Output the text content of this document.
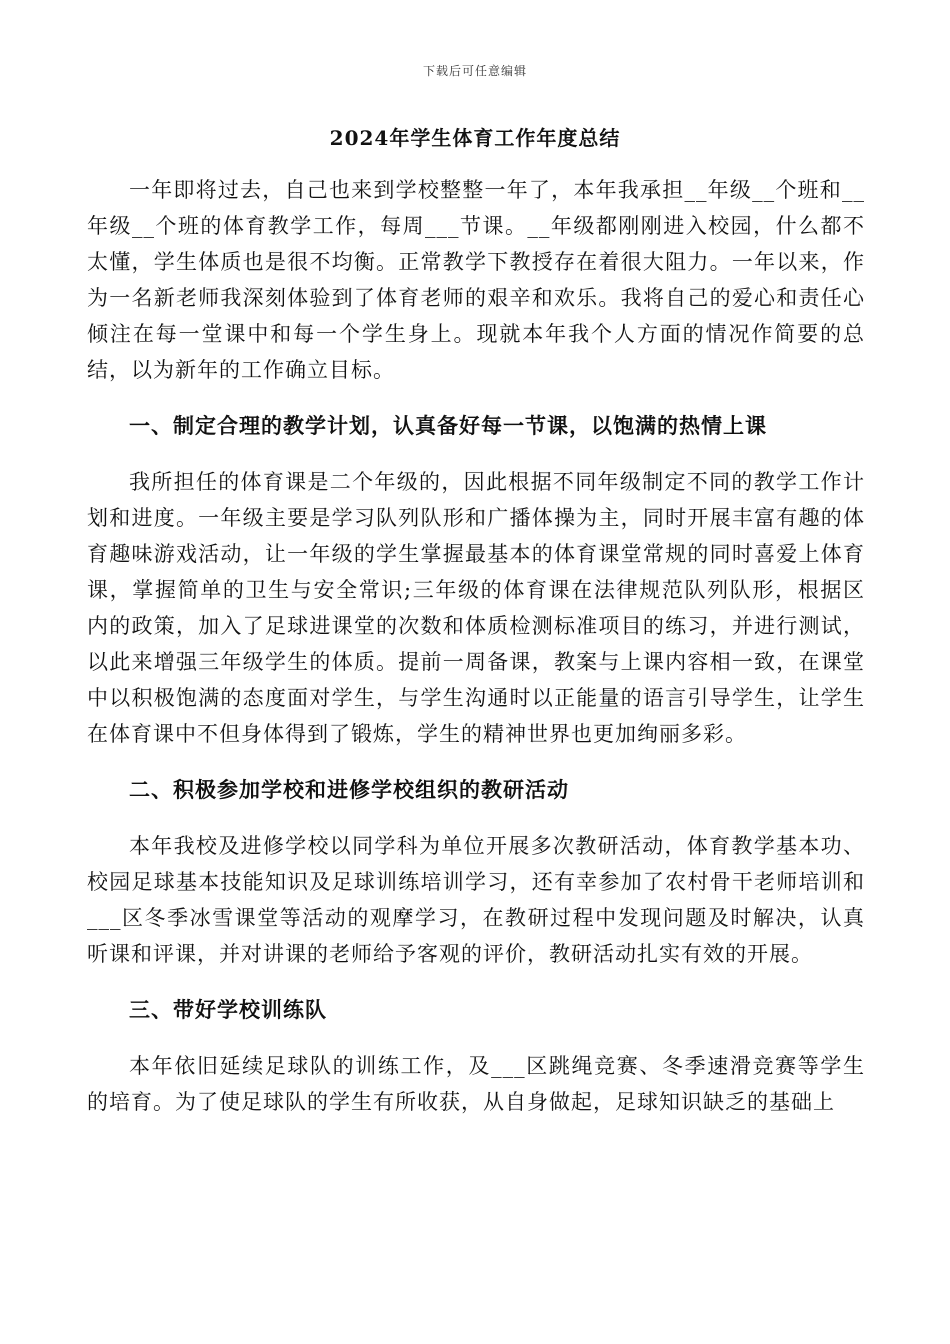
下载后可任意编辑
2024年学生体育工作年度总结

一年即将过去，自己也来到学校整整一年了，本年我承担__年级__个班和__年级__个班的体育教学工作，每周___节课。__年级都刚刚进入校园，什么都不太懂，学生体质也是很不均衡。正常教学下教授存在着很大阻力。一年以来，作为一名新老师我深刻体验到了体育老师的艰辛和欢乐。我将自己的爱心和责任心倾注在每一堂课中和每一个学生身上。现就本年我个人方面的情况作简要的总结，以为新年的工作确立目标。

一、制定合理的教学计划，认真备好每一节课，以饱满的热情上课

我所担任的体育课是二个年级的，因此根据不同年级制定不同的教学工作计划和进度。一年级主要是学习队列队形和广播体操为主，同时开展丰富有趣的体育趣味游戏活动，让一年级的学生掌握最基本的体育课堂常规的同时喜爱上体育课，掌握简单的卫生与安全常识;三年级的体育课在法律规范队列队形，根据区内的政策，加入了足球进课堂的次数和体质检测标准项目的练习，并进行测试，以此来增强三年级学生的体质。提前一周备课，教案与上课内容相一致，在课堂中以积极饱满的态度面对学生，与学生沟通时以正能量的语言引导学生，让学生在体育课中不但身体得到了锻炼，学生的精神世界也更加绚丽多彩。

二、积极参加学校和进修学校组织的教研活动

本年我校及进修学校以同学科为单位开展多次教研活动，体育教学基本功、校园足球基本技能知识及足球训练培训学习，还有幸参加了农村骨干老师培训和___区冬季冰雪课堂等活动的观摩学习，在教研过程中发现问题及时解决，认真听课和评课，并对讲课的老师给予客观的评价，教研活动扎实有效的开展。

三、带好学校训练队

本年依旧延续足球队的训练工作，及___区跳绳竞赛、冬季速滑竞赛等学生的培育。为了使足球队的学生有所收获，从自身做起，足球知识缺乏的基础上
